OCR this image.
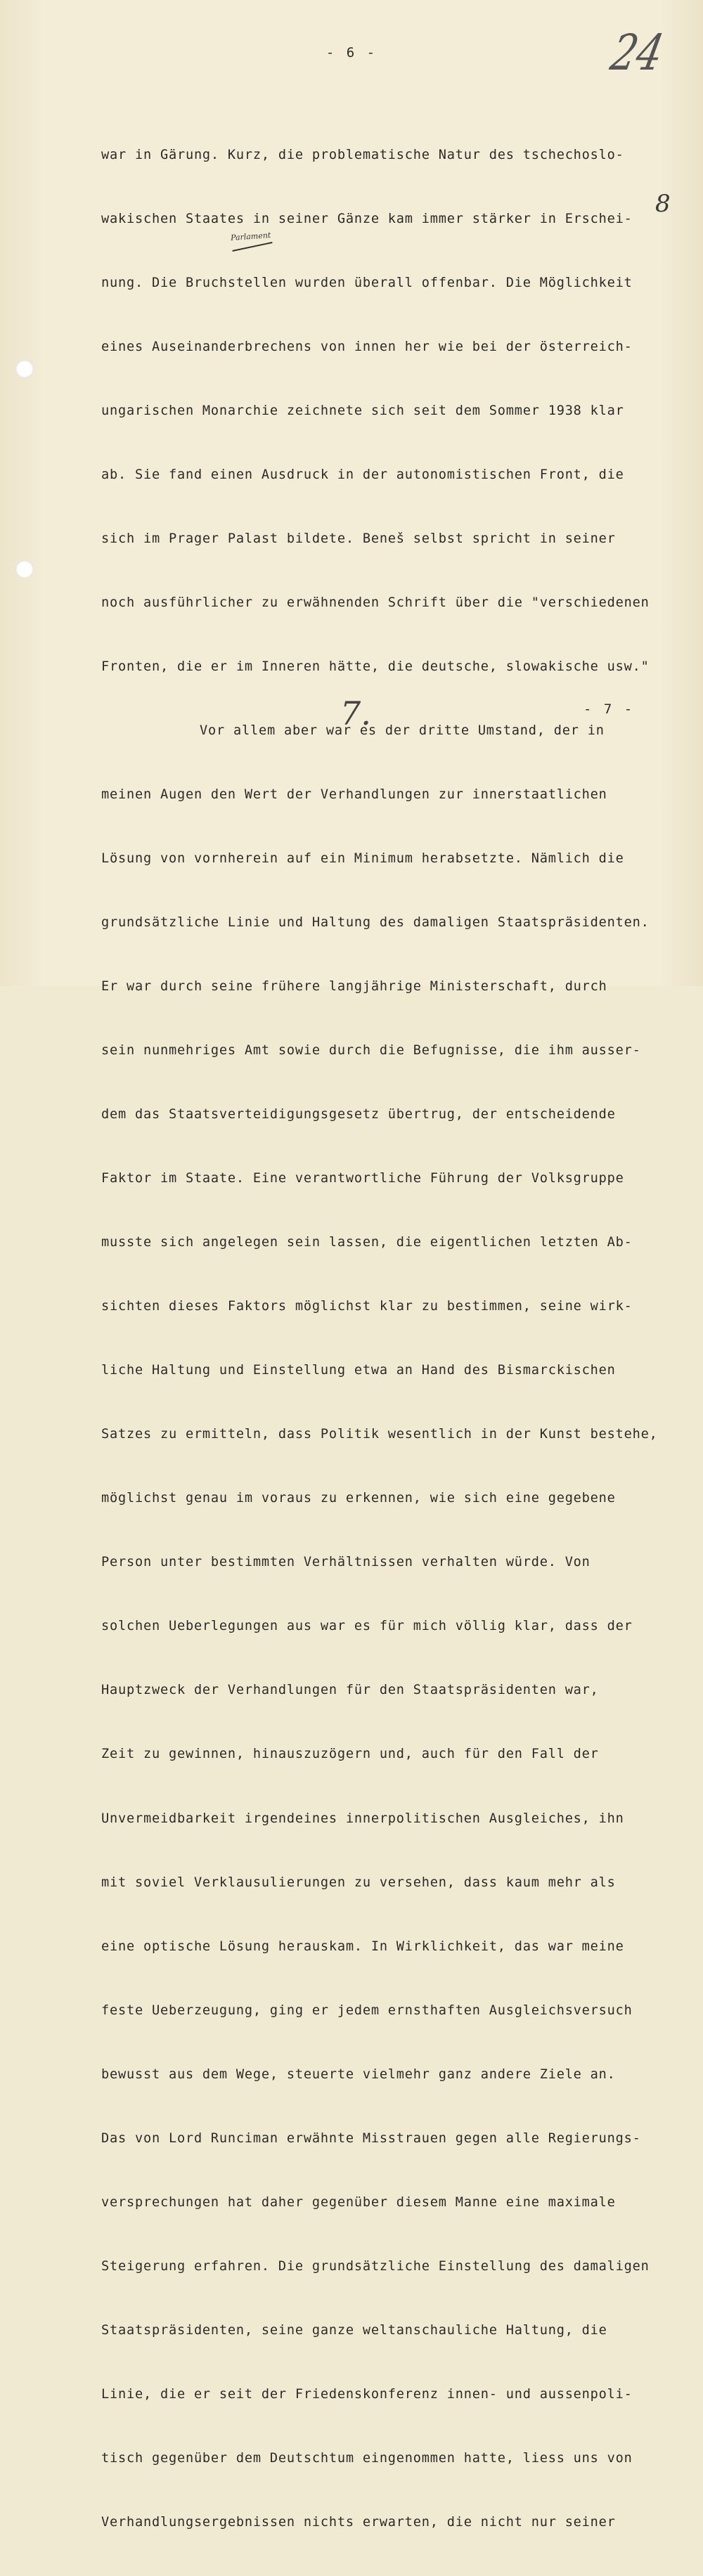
- 6 -	24
8
Parlament

war in Gärung. Kurz, die problematische Natur des tschechoslo-

wakischen Staates in seiner Gänze kam immer stärker in Erschei-

nung. Die Bruchstellen wurden überall offenbar. Die Möglichkeit

eines Auseinanderbrechens von innen her wie bei der österreich-

ungarischen Monarchie zeichnete sich seit dem Sommer 1938 klar

ab. Sie fand einen Ausdruck in der autonomistischen Front, die

sich im Prager Palast bildete. Beneš selbst spricht in seiner

noch ausführlicher zu erwähnenden Schrift über die "verschiedenen

Fronten, die er im Inneren hätte, die deutsche, slowakische usw."

Vor allem aber war es der dritte Umstand, der in

meinen Augen den Wert der Verhandlungen zur innerstaatlichen

Lösung von vornherein auf ein Minimum herabsetzte. Nämlich die

grundsätzliche Linie und Haltung des damaligen Staatspräsidenten.

Er war durch seine frühere langjährige Ministerschaft, durch

sein nunmehriges Amt sowie durch die Befugnisse, die ihm ausser-

dem das Staatsverteidigungsgesetz übertrug, der entscheidende

Faktor im Staate. Eine verantwortliche Führung der Volksgruppe

musste sich angelegen sein lassen, die eigentlichen letzten Ab-

sichten dieses Faktors möglichst klar zu bestimmen, seine wirk-

liche Haltung und Einstellung etwa an Hand des Bismarckischen

Satzes zu ermitteln, dass Politik wesentlich in der Kunst bestehe,

möglichst genau im voraus zu erkennen, wie sich eine gegebene

Person unter bestimmten Verhältnissen verhalten würde. Von

solchen Ueberlegungen aus war es für mich völlig klar, dass der

Hauptzweck der Verhandlungen für den Staatspräsidenten war,

Zeit zu gewinnen, hinauszuzögern und, auch für den Fall der

Unvermeidbarkeit irgendeines innerpolitischen Ausgleiches, ihn

mit soviel Verklausulierungen zu versehen, dass kaum mehr als

eine optische Lösung herauskam. In Wirklichkeit, das war meine

feste Ueberzeugung, ging er jedem ernsthaften Ausgleichsversuch

bewusst aus dem Wege, steuerte vielmehr ganz andere Ziele an.

Das von Lord Runciman erwähnte Misstrauen gegen alle Regierungs-

versprechungen hat daher gegenüber diesem Manne eine maximale

Steigerung erfahren. Die grundsätzliche Einstellung des damaligen

Staatspräsidenten, seine ganze weltanschauliche Haltung, die

Linie, die er seit der Friedenskonferenz innen- und aussenpoli-

tisch gegenüber dem Deutschtum eingenommen hatte, liess uns von

Verhandlungsergebnissen nichts erwarten, die nicht nur seiner

7.	- 7 -
